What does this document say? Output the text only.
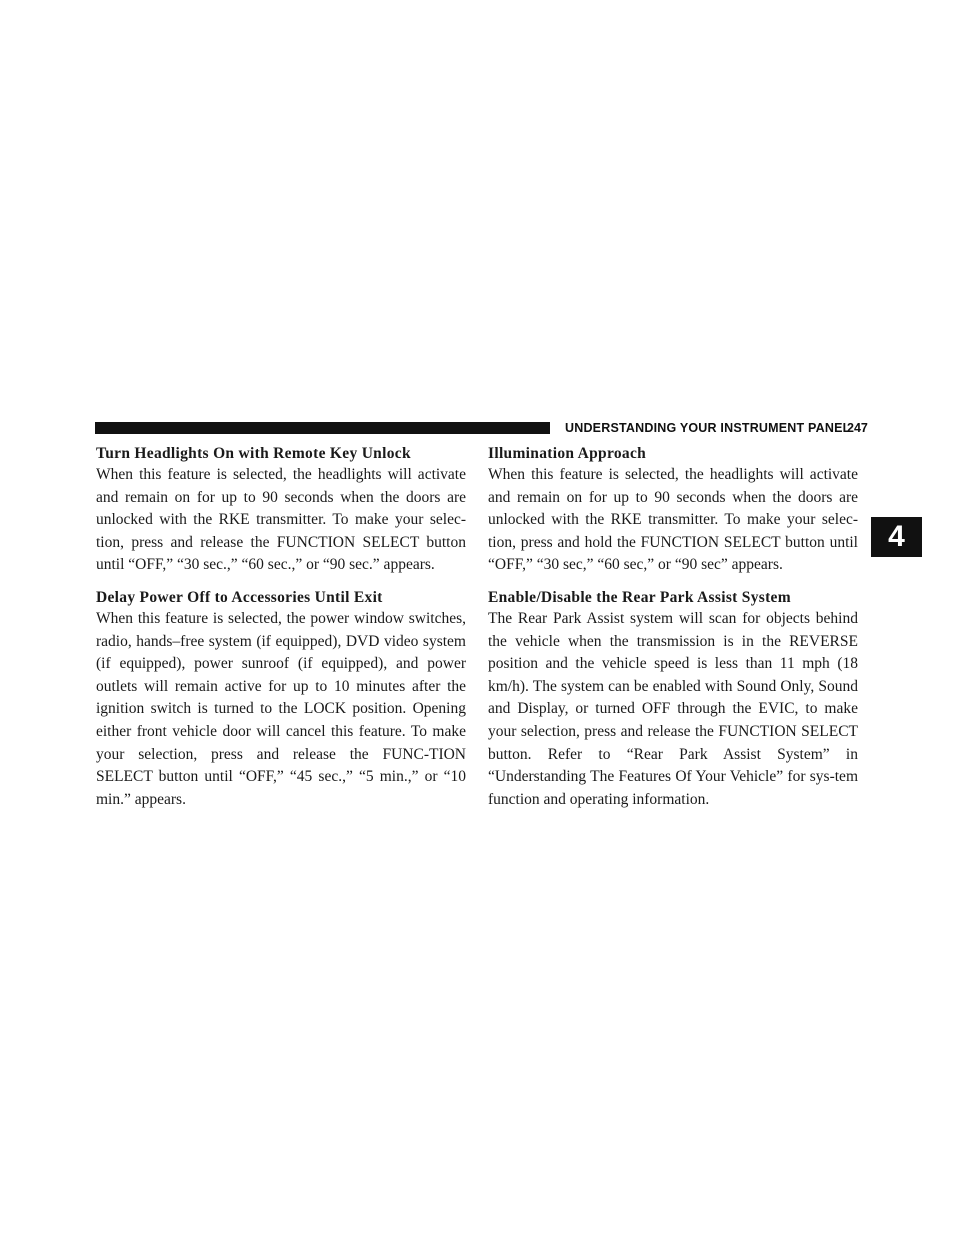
UNDERSTANDING YOUR INSTRUMENT PANEL
247
Turn Headlights On with Remote Key Unlock

When this feature is selected, the headlights will activate and remain on for up to 90 seconds when the doors are unlocked with the RKE transmitter. To make your selec-tion, press and release the FUNCTION SELECT button until “OFF,” “30 sec.,” “60 sec.,” or “90 sec.” appears.

Delay Power Off to Accessories Until Exit

When this feature is selected, the power window switches, radio, hands–free system (if equipped), DVD video system (if equipped), power sunroof (if equipped), and power outlets will remain active for up to 10 minutes after the ignition switch is turned to the LOCK position. Opening either front vehicle door will cancel this feature. To make your selection, press and release the FUNC-TION SELECT button until “OFF,” “45 sec.,” “5 min.,” or “10 min.” appears.

Illumination Approach

When this feature is selected, the headlights will activate and remain on for up to 90 seconds when the doors are unlocked with the RKE transmitter. To make your selec-tion, press and hold the FUNCTION SELECT button until “OFF,” “30 sec,” “60 sec,” or “90 sec” appears.

Enable/Disable the Rear Park Assist System

The Rear Park Assist system will scan for objects behind the vehicle when the transmission is in the REVERSE position and the vehicle speed is less than 11 mph (18 km/h). The system can be enabled with Sound Only, Sound and Display, or turned OFF through the EVIC, to make your selection, press and release the FUNCTION SELECT button. Refer to “Rear Park Assist System” in “Understanding The Features Of Your Vehicle” for sys-tem function and operating information.

4
